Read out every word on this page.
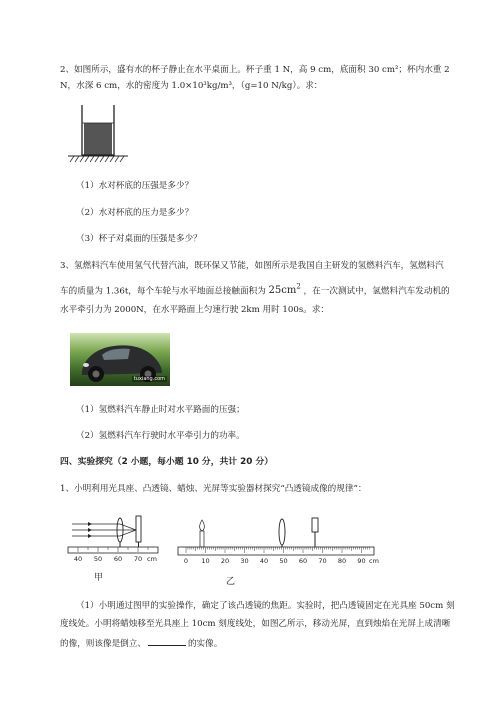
2、如图所示，盛有水的杯子静止在水平桌面上。杯子重 1 N，高 9 cm，底面积 30 cm²；杯内水重 2
N，水深 6 cm，水的密度为 1.0×10³kg/m³，（g=10 N/kg）。求：
（1）水对杯底的压强是多少？
（2）水对杯底的压力是多少？
（3）杯子对桌面的压强是多少？
3、氢燃料汽车使用氢气代替汽油，既环保又节能，如图所示是我国自主研发的氢燃料汽车，氢燃料汽
车的质量为 1.36t，每个车轮与水平地面总接触面积为 $25cm^2$ ，在一次测试中，氢燃料汽车发动机的
水平牵引力为 2000N，在水平路面上匀速行驶 2km 用时 100s。求：
tuxiang.com
（1）氢燃料汽车静止时对水平路面的压强；
（2）氢燃料汽车行驶时水平牵引力的功率。
四、实验探究（2 小题，每小题 10 分，共计 20 分）
1、小明利用光具座、凸透镜、蜡烛、光屏等实验器材探究“凸透镜成像的规律”：
40 50 60 70 cm
甲
0 10 20 30 40 50 60 70 80 90 cm
乙
（1）小明通过图甲的实验操作，确定了该凸透镜的焦距。实验时，把凸透镜固定在光具座 50cm 刻
度线处。小明将蜡烛移至光具座上 10cm 刻度线处，如图乙所示，移动光屏，直到烛焰在光屏上成清晰
的像，则该像是倒立、	的实像。
